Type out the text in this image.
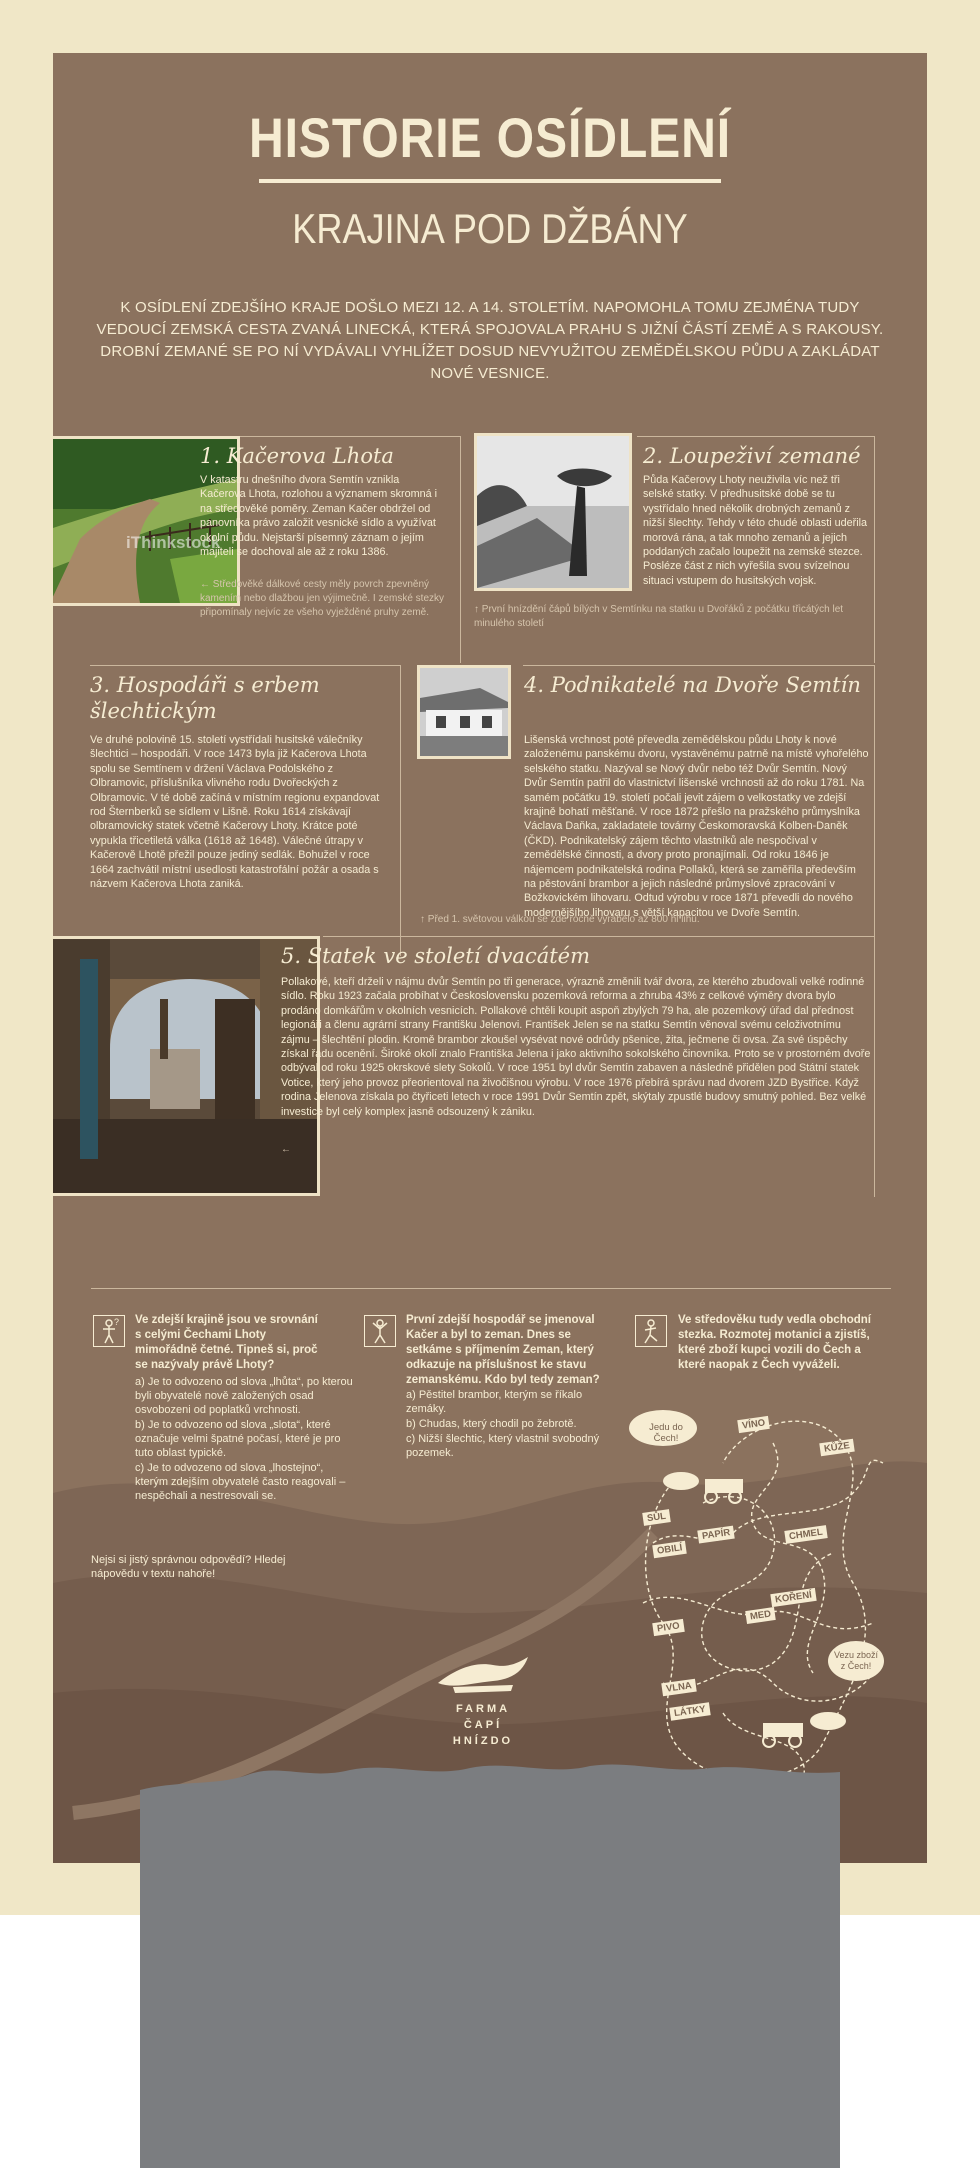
HISTORIE OSÍDLENÍ
KRAJINA POD DŽBÁNY
K OSÍDLENÍ ZDEJŠÍHO KRAJE DOŠLO MEZI 12. A 14. STOLETÍM. NAPOMOHLA TOMU ZEJMÉNA TUDY VEDOUCÍ ZEMSKÁ CESTA ZVANÁ LINECKÁ, KTERÁ SPOJOVALA PRAHU S JIŽNÍ ČÁSTÍ ZEMĚ A S RAKOUSY. DROBNÍ ZEMANÉ SE PO NÍ VYDÁVALI VYHLÍŽET DOSUD NEVYUŽITOU ZEMĚDĚLSKOU PŮDU A ZAKLÁDAT NOVÉ VESNICE.
iThinkstock
1. Kačerova Lhota
V katastru dnešního dvora Semtín vznikla Kačerova Lhota, rozlohou a významem skromná i na středověké poměry. Zeman Kačer obdržel od panovníka právo založit vesnické sídlo a využívat okolní půdu. Nejstarší písemný záznam o jejím majiteli se dochoval ale až z roku 1386.
← Středověké dálkové cesty měly povrch zpevněný kamením nebo dlažbou jen výjimečně. I zemské stezky připomínaly nejvíc ze všeho vyježděné pruhy země.
2. Loupeživí zemané
Půda Kačerovy Lhoty neuživila víc než tři selské statky. V předhusitské době se tu vystřídalo hned několik drobných zemanů z nižší šlechty. Tehdy v této chudé oblasti udeřila morová rána, a tak mnoho zemanů a jejich poddaných začalo loupežit na zemské stezce. Posléze část z nich vyřešila svou svízelnou situaci vstupem do husitských vojsk.
↑ První hnízdění čápů bílých v Semtínku na statku u Dvořáků z počátku třicátých let minulého století
3. Hospodáři s erbem šlechtickým
Ve druhé polovině 15. století vystřídali husitské válečníky šlechtici – hospodáři. V roce 1473 byla již Kačerova Lhota spolu se Semtínem v držení Václava Podolského z Olbramovic, příslušníka vlivného rodu Dvořeckých z Olbramovic. V té době začíná v místním regionu expandovat rod Šternberků se sídlem v Lišně. Roku 1614 získávají olbramovický statek včetně Kačerovy Lhoty. Krátce poté vypukla třicetiletá válka (1618 až 1648). Válečné útrapy v Kačerově Lhotě přežil pouze jediný sedlák. Bohužel v roce 1664 zachvátil místní usedlosti katastrofální požár a osada s názvem Kačerova Lhota zaniká.
4. Podnikatelé na Dvoře Semtín
Lišenská vrchnost poté převedla zemědělskou půdu Lhoty k nové založenému panskému dvoru, vystavěnému patrně na místě vyhořelého selského statku. Nazýval se Nový dvůr nebo též Dvůr Semtín. Nový Dvůr Semtín patřil do vlastnictví lišenské vrchnosti až do roku 1781. Na samém počátku 19. století počali jevit zájem o velkostatky ve zdejší krajině bohatí měšťané. V roce 1872 přešlo na pražského průmyslníka Václava Daňka, zakladatele továrny Českomoravská Kolben-Daněk (ČKD). Podnikatelský zájem těchto vlastníků ale nespočíval v zemědělské činnosti, a dvory proto pronajímali. Od roku 1846 je nájemcem podnikatelská rodina Pollaků, která se zaměřila především na pěstování brambor a jejich následné průmyslové zpracování v Božkovickém lihovaru. Odtud výrobu v roce 1871 převedli do nového modernějšího lihovaru s větší kapacitou ve Dvoře Semtín.
↑ Před 1. světovou válkou se zde ročně vyrábělo až 800 hl lihu.
5. Statek ve století dvacátém
Pollakové, kteří drželi v nájmu dvůr Semtín po tři generace, výrazně změnili tvář dvora, ze kterého zbudovali velké rodinné sídlo. Roku 1923 začala probíhat v Československu pozemková reforma a zhruba 43% z celkové výměry dvora bylo prodáno domkářům v okolních vesnicích. Pollakové chtěli koupit aspoň zbylých 79 ha, ale pozemkový úřad dal přednost legionáři a členu agrární strany Františku Jelenovi. František Jelen se na statku Semtín věnoval svému celoživotnímu zájmu – šlechtění plodin. Kromě brambor zkoušel vysévat nové odrůdy pšenice, žita, ječmene či ovsa. Za své úspěchy získal řadu ocenění. Široké okolí znalo Františka Jelena i jako aktivního sokolského činovníka. Proto se v prostorném dvoře odbýval od roku 1925 okrskové slety Sokolů. V roce 1951 byl dvůr Semtín zabaven a následně přidělen pod Státní statek Votice, který jeho provoz přeorientoval na živočišnou výrobu. V roce 1976 přebírá správu nad dvorem JZD Bystřice. Když rodina Jelenova získala po čtyřiceti letech v roce 1991 Dvůr Semtín zpět, skýtaly zpustlé budovy smutný pohled. Bez velké investice byl celý komplex jasně odsouzený k zániku.
←
? Ve zdejší krajině jsou ve srovnání s celými Čechami Lhoty mimořádně četné. Tipneš si, proč se nazývaly právě Lhoty?
a) Je to odvozeno od slova „lhůta“, po kterou byli obyvatelé nově založených osad osvobozeni od poplatků vrchnosti.
b) Je to odvozeno od slova „slota“, které označuje velmi špatné počasí, které je pro tuto oblast typické.
c) Je to odvozeno od slova „lhostejno“, kterým zdejším obyvatelé často reagovali – nespěchali a nestresovali se.
Nejsi si jistý správnou odpovědí? Hledej nápovědu v textu nahoře!
První zdejší hospodář se jmenoval Kačer a byl to zeman. Dnes se setkáme s příjmením Zeman, který odkazuje na příslušnost ke stavu zemanskému. Kdo byl tedy zeman?
a) Pěstitel brambor, kterým se říkalo zemáky.
b) Chudas, který chodil po žebrotě.
c) Nižší šlechtic, který vlastnil svobodný pozemek.
Ve středověku tudy vedla obchodní stezka. Rozmotej motanici a zjistíš, které zboží kupci vozili do Čech a které naopak z Čech vyváželi.
Jedu do Čech!
Vezu zboží z Čech!
VÍNO
KŮŽE
SŮL
PAPÍR
OBILÍ
CHMEL
KOŘENÍ
MED
PIVO
VLNA
LÁTKY
FARMA
ČAPÍ
HNÍZDO
